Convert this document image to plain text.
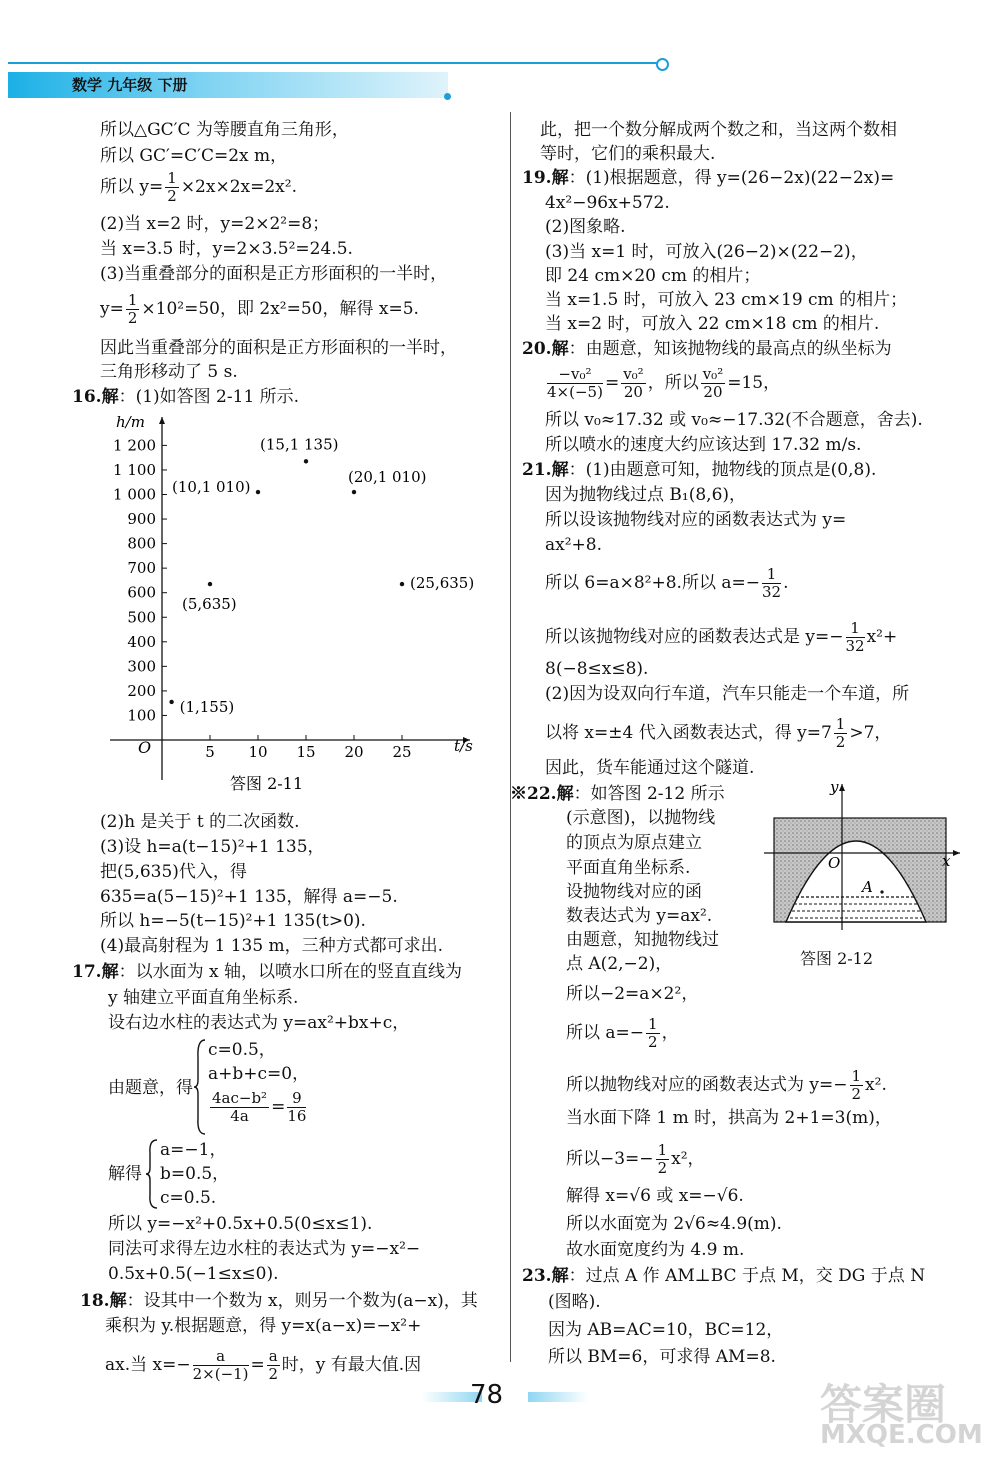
数学 九年级 下册
所以△GC′C 为等腰直角三角形，
所以 GC′=C′C=2x m，
所以 $y= \frac{1}{2} \times 2x\times 2x=2x^2$.
(2)当 x=2 时，y=2×2²=8；
当 x=3.5 时，y=2×3.5²=24.5.
(3)当重叠部分的面积是正方形面积的一半时，
$y= \frac{1}{2} \times 10^2=50$，即 2x²=50，解得 x=5.
因此当重叠部分的面积是正方形面积的一半时，
三角形移动了 5 s.
16.解：(1)如答图 2-11 所示.
h/m
t/s
O
100
200
300
400
500
600
700
800
900
1 000
1 100
1 200
5 10 15 20 25
(1,155)
(5,635)
(10,1 010)
(15,1 135)
(20,1 010)
(25,635)
答图 2-11
(2)h 是关于 t 的二次函数.
(3)设 h=a(t−15)²+1 135，
把(5,635)代入，得
635=a(5−15)²+1 135，解得 a=−5.
所以 h=−5(t−15)²+1 135(t>0).
(4)最高射程为 1 135 m，三种方式都可求出.
17.解：以水面为 x 轴，以喷水口所在的竖直直线为
y 轴建立平面直角坐标系.
设右边水柱的表达式为 y=ax²+bx+c，
由题意，得
c=0.5，
a+b+c=0，
$\frac{\text{4ac−b²}}{4a} = \frac{9}{16}$
解得
a=−1，
b=0.5，
c=0.5.
所以 y=−x²+0.5x+0.5(0≤x≤1).
同法可求得左边水柱的表达式为 y=−x²−
0.5x+0.5(−1≤x≤0).
18.解：设其中一个数为 x，则另一个数为(a−x)，其
乘积为 y.根据题意，得 y=x(a−x)=−x²+
ax.当 $x=- \frac{a}{2\times(-1)} = \frac{a}{2}$ 时，y 有最大值.因
此，把一个数分解成两个数之和，当这两个数相
等时，它们的乘积最大.
19.解：(1)根据题意，得 y=(26−2x)(22−2x)=
4x²−96x+572.
(2)图象略.
(3)当 x=1 时，可放入(26−2)×(22−2)，
即 24 cm×20 cm 的相片；
当 x=1.5 时，可放入 23 cm×19 cm 的相片；
当 x=2 时，可放入 22 cm×18 cm 的相片.
20.解：由题意，知该抛物线的最高点的纵坐标为
$\frac{\text{−v₀²}}{4\times(-5)} = \frac{\text{v₀²}}{20}$ ，所以 $\frac{\text{v₀²}}{20} =15$，
所以 v₀≈17.32 或 v₀≈−17.32(不合题意，舍去).
所以喷水的速度大约应该达到 17.32 m/s.
21.解：(1)由题意可知，抛物线的顶点是(0,8).
因为抛物线过点 B₁(8,6)，
所以设该抛物线对应的函数表达式为 y=
ax²+8.
所以 6=a×8²+8.所以 $a=- \frac{1}{32}$ .
所以该抛物线对应的函数表达式是 $y=- \frac{1}{32} x^2+$
8(−8≤x≤8).
(2)因为设双向行车道，汽车只能走一个车道，所
以将 x=±4 代入函数表达式，得 $y=7 \frac{1}{2} >7$，
因此，货车能通过这个隧道.
※22.解：如答图 2-12 所示
(示意图)，以抛物线
的顶点为原点建立
平面直角坐标系.
设抛物线对应的函
数表达式为 y=ax².
由题意，知抛物线过
点 A(2,−2)，
y
x
O
A
答图 2-12
所以−2=a×2²，
所以 $a=- \frac{1}{2}$ ，
所以抛物线对应的函数表达式为 $y=- \frac{1}{2} x^2$.
当水面下降 1 m 时，拱高为 2+1=3(m)，
所以$-3=- \frac{1}{2} x^2$，
解得 x=√6 或 x=−√6.
所以水面宽为 2√6≈4.9(m).
故水面宽度约为 4.9 m.
23.解：过点 A 作 AM⊥BC 于点 M，交 DG 于点 N
(图略).
因为 AB=AC=10，BC=12，
所以 BM=6，可求得 AM=8.
78	答案圈
MXQE.COM
